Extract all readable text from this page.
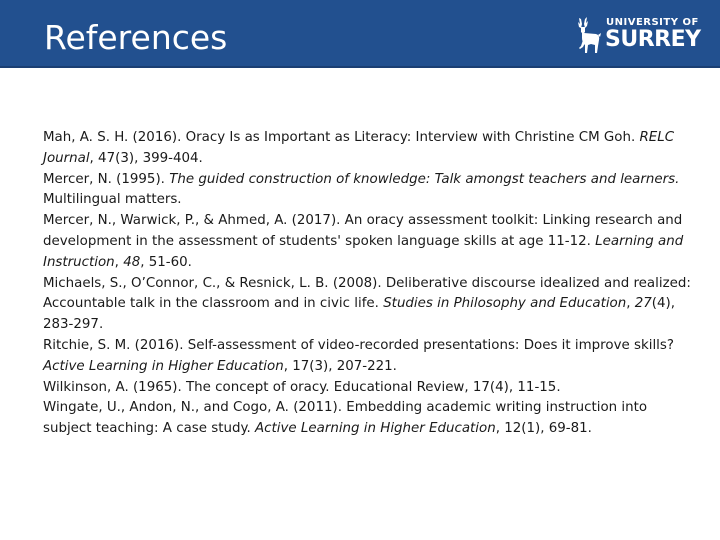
References	UNIVERSITY OF
SURREY

Mah, A. S. H. (2016). Oracy Is as Important as Literacy: Interview with Christine CM Goh. RELC Journal, 47(3), 399-404.

Mercer, N. (1995). The guided construction of knowledge: Talk amongst teachers and learners. Multilingual matters.

Mercer, N., Warwick, P., & Ahmed, A. (2017). An oracy assessment toolkit: Linking research and development in the assessment of students' spoken language skills at age 11-12. Learning and Instruction, 48, 51-60.

Michaels, S., O’Connor, C., & Resnick, L. B. (2008). Deliberative discourse idealized and realized: Accountable talk in the classroom and in civic life. Studies in Philosophy and Education, 27(4), 283-297.

Ritchie, S. M. (2016). Self-assessment of video-recorded presentations: Does it improve skills? Active Learning in Higher Education, 17(3), 207-221.

Wilkinson, A. (1965). The concept of oracy. Educational Review, 17(4), 11-15.

Wingate, U., Andon, N., and Cogo, A. (2011). Embedding academic writing instruction into subject teaching: A case study. Active Learning in Higher Education, 12(1), 69-81.
